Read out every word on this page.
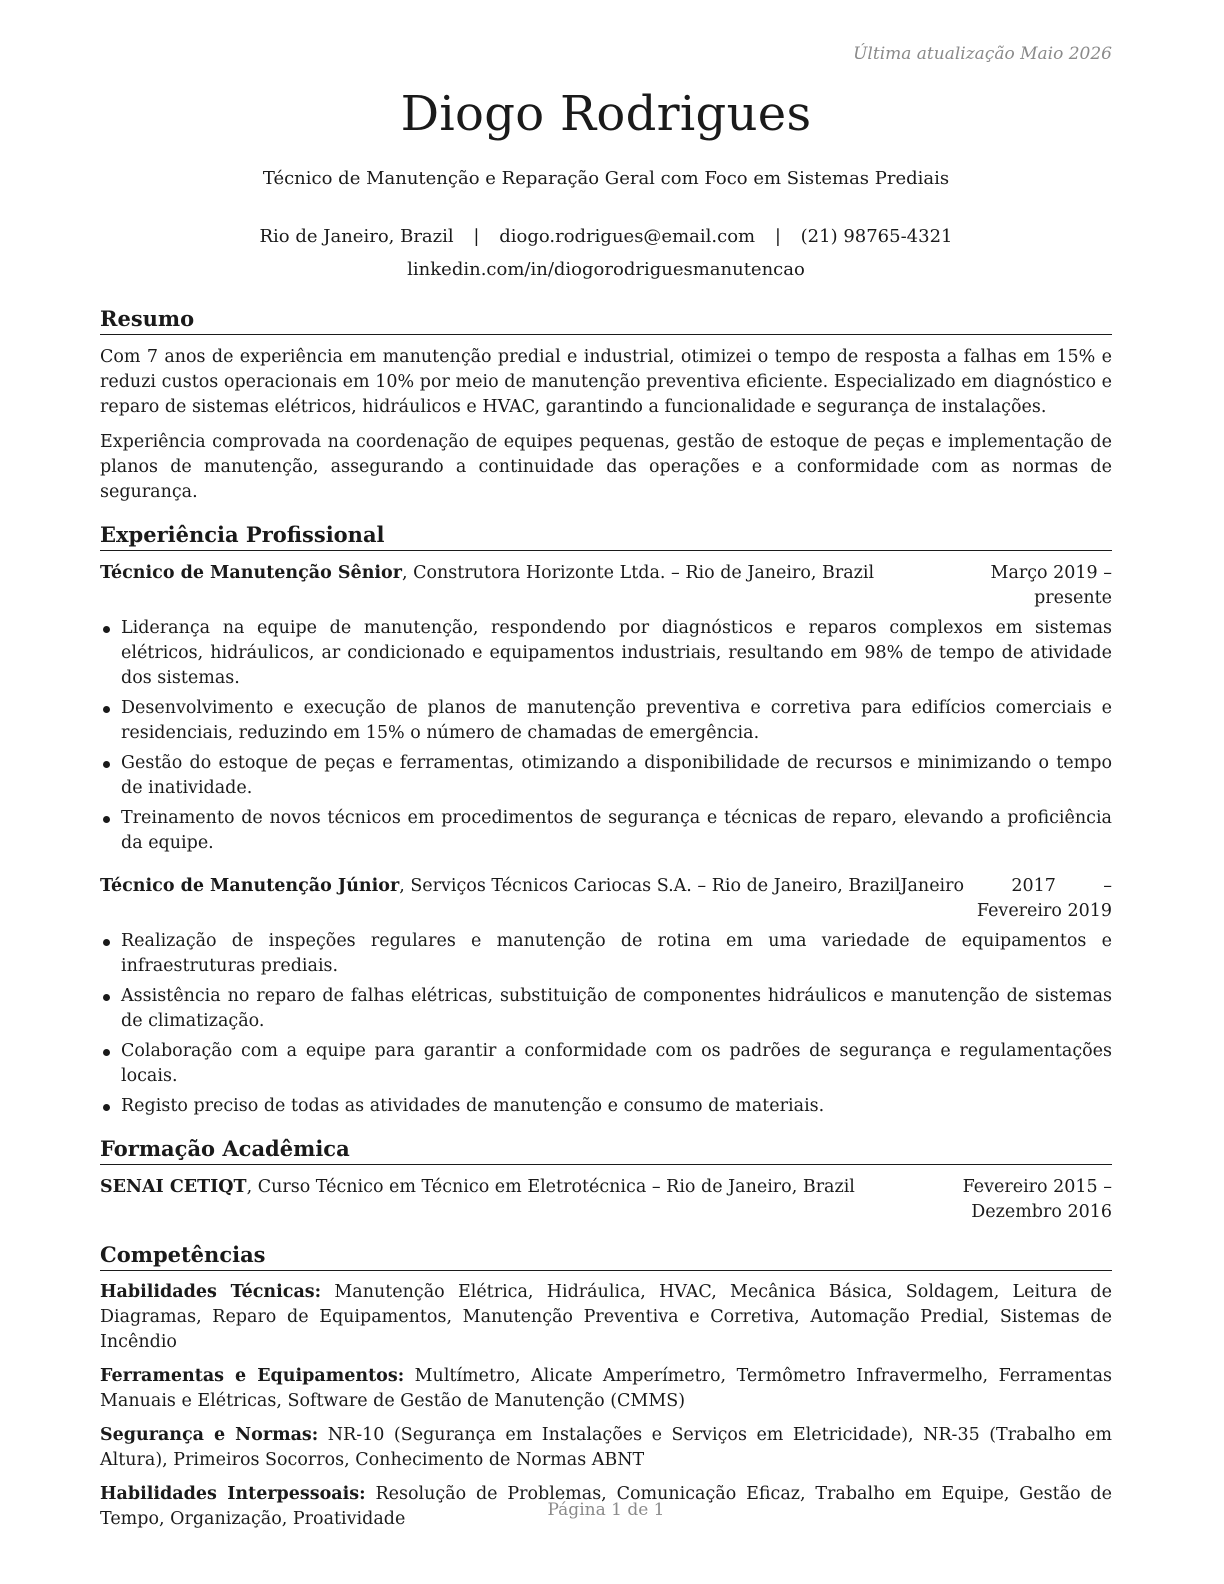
Última atualização Maio 2026
Diogo Rodrigues
Técnico de Manutenção e Reparação Geral com Foco em Sistemas Prediais
Rio de Janeiro, Brazil | diogo.rodrigues@email.com | (21) 98765-4321
linkedin.com/in/diogorodriguesmanutencao
Resumo

Com 7 anos de experiência em manutenção predial e industrial, otimizei o tempo de resposta a falhas em 15% e reduzi custos operacionais em 10% por meio de manutenção preventiva eficiente. Especializado em diagnóstico e reparo de sistemas elétricos, hidráulicos e HVAC, garantindo a funcionalidade e segurança de instalações.

Experiência comprovada na coordenação de equipes pequenas, gestão de estoque de peças e implementação de planos de manutenção, assegurando a continuidade das operações e a conformidade com as normas de segurança.

Experiência Profissional
Técnico de Manutenção Sênior, Construtora Horizonte Ltda. – Rio de Janeiro, Brazil	Março 2019 – presente
Liderança na equipe de manutenção, respondendo por diagnósticos e reparos complexos em sistemas elétricos, hidráulicos, ar condicionado e equipamentos industriais, resultando em 98% de tempo de atividade dos sistemas.
Desenvolvimento e execução de planos de manutenção preventiva e corretiva para edifícios comerciais e residenciais, reduzindo em 15% o número de chamadas de emergência.
Gestão do estoque de peças e ferramentas, otimizando a disponibilidade de recursos e minimizando o tempo de inatividade.
Treinamento de novos técnicos em procedimentos de segurança e técnicas de reparo, elevando a proficiência da equipe.
Técnico de Manutenção Júnior, Serviços Técnicos Cariocas S.A. – Rio de Janeiro, Brazil Janeiro 2017 – Fevereiro 2019
Realização de inspeções regulares e manutenção de rotina em uma variedade de equipamentos e infraestruturas prediais.
Assistência no reparo de falhas elétricas, substituição de componentes hidráulicos e manutenção de sistemas de climatização.
Colaboração com a equipe para garantir a conformidade com os padrões de segurança e regulamentações locais.
Registo preciso de todas as atividades de manutenção e consumo de materiais.
Formação Acadêmica
SENAI CETIQT, Curso Técnico em Técnico em Eletrotécnica – Rio de Janeiro, Brazil	Fevereiro 2015 – Dezembro 2016
Competências

Habilidades Técnicas: Manutenção Elétrica, Hidráulica, HVAC, Mecânica Básica, Soldagem, Leitura de Diagramas, Reparo de Equipamentos, Manutenção Preventiva e Corretiva, Automação Predial, Sistemas de Incêndio

Ferramentas e Equipamentos: Multímetro, Alicate Amperímetro, Termômetro Infravermelho, Ferramentas Manuais e Elétricas, Software de Gestão de Manutenção (CMMS)

Segurança e Normas: NR-10 (Segurança em Instalações e Serviços em Eletricidade), NR-35 (Trabalho em Altura), Primeiros Socorros, Conhecimento de Normas ABNT

Habilidades Interpessoais: Resolução de Problemas, Comunicação Eficaz, Trabalho em Equipe, Gestão de Tempo, Organização, Proatividade	Página 1 de 1
